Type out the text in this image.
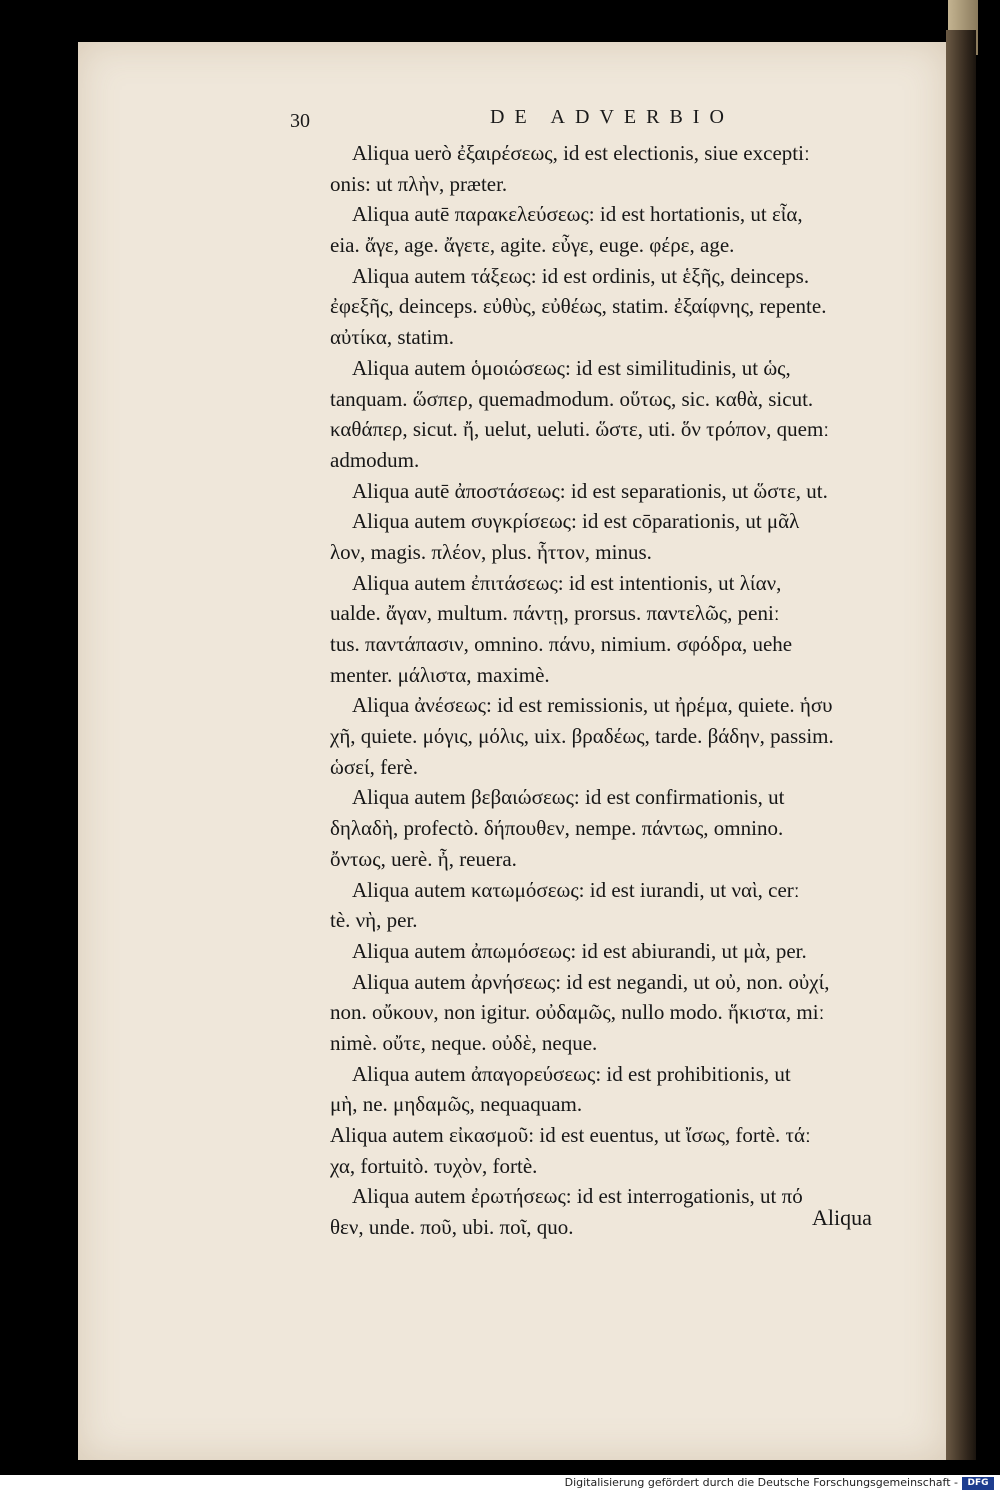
30	DE ADVERBIO
Aliqua uerò ἐξαιρέσεως, id est electionis, siue exceptiː
onis: ut πλὴν, præter.
Aliqua autē παρακελεύσεως: id est hortationis, ut εἶα,
eia. ἄγε, age. ἄγετε, agite. εὖγε, euge. φέρε, age.
Aliqua autem τάξεως: id est ordinis, ut ἑξῆς, deinceps.
ἐφεξῆς, deinceps. εὐθὺς, εὐθέως, statim. ἐξαίφνης, repente.
αὐτίκα, statim.
Aliqua autem ὁμοιώσεως: id est similitudinis, ut ὡς,
tanquam. ὥσπερ, quemadmodum. οὕτως, sic. καθὰ, sicut.
καθάπερ, sicut. ἤ, uelut, ueluti. ὥστε, uti. ὅν τρόπον, quemː
admodum.
Aliqua autē ἀποστάσεως: id est separationis, ut ὥστε, ut.
Aliqua autem συγκρίσεως: id est cōparationis, ut μᾶλ
λον, magis. πλέον, plus. ἧττον, minus.
Aliqua autem ἐπιτάσεως: id est intentionis, ut λίαν,
ualde. ἄγαν, multum. πάντῃ, prorsus. παντελῶς, peniː
tus. παντάπασιν, omnino. πάνυ, nimium. σφόδρα, uehe
menter. μάλιστα, maximè.
Aliqua ἀνέσεως: id est remissionis, ut ἠρέμα, quiete. ἡσυ
χῆ, quiete. μόγις, μόλις, uix. βραδέως, tarde. βάδην, passim.
ὡσεί, ferè.
Aliqua autem βεβαιώσεως: id est confirmationis, ut
δηλαδὴ, profectò. δήπουθεν, nempe. πάντως, omnino.
ὄντως, uerè. ἦ, reuera.
Aliqua autem κατωμόσεως: id est iurandi, ut ναὶ, cerː
tè. νὴ, per.
Aliqua autem ἀπωμόσεως: id est abiurandi, ut μὰ, per.
Aliqua autem ἀρνήσεως: id est negandi, ut οὐ, non. οὐχί,
non. οὔκουν, non igitur. οὐδαμῶς, nullo modo. ἥκιστα, miː
nimè. οὔτε, neque. οὐδὲ, neque.
Aliqua autem ἀπαγορεύσεως: id est prohibitionis, ut
μὴ, ne. μηδαμῶς, nequaquam.
Aliqua autem εἰκασμοῦ: id est euentus, ut ἴσως, fortè. τάː
χα, fortuitò. τυχὸν, fortè.
Aliqua autem ἐρωτήσεως: id est interrogationis, ut πό
θεν, unde. ποῦ, ubi. ποῖ, quo.	Aliqua
Digitalisierung gefördert durch die Deutsche Forschungsgemeinschaft -	DFG
